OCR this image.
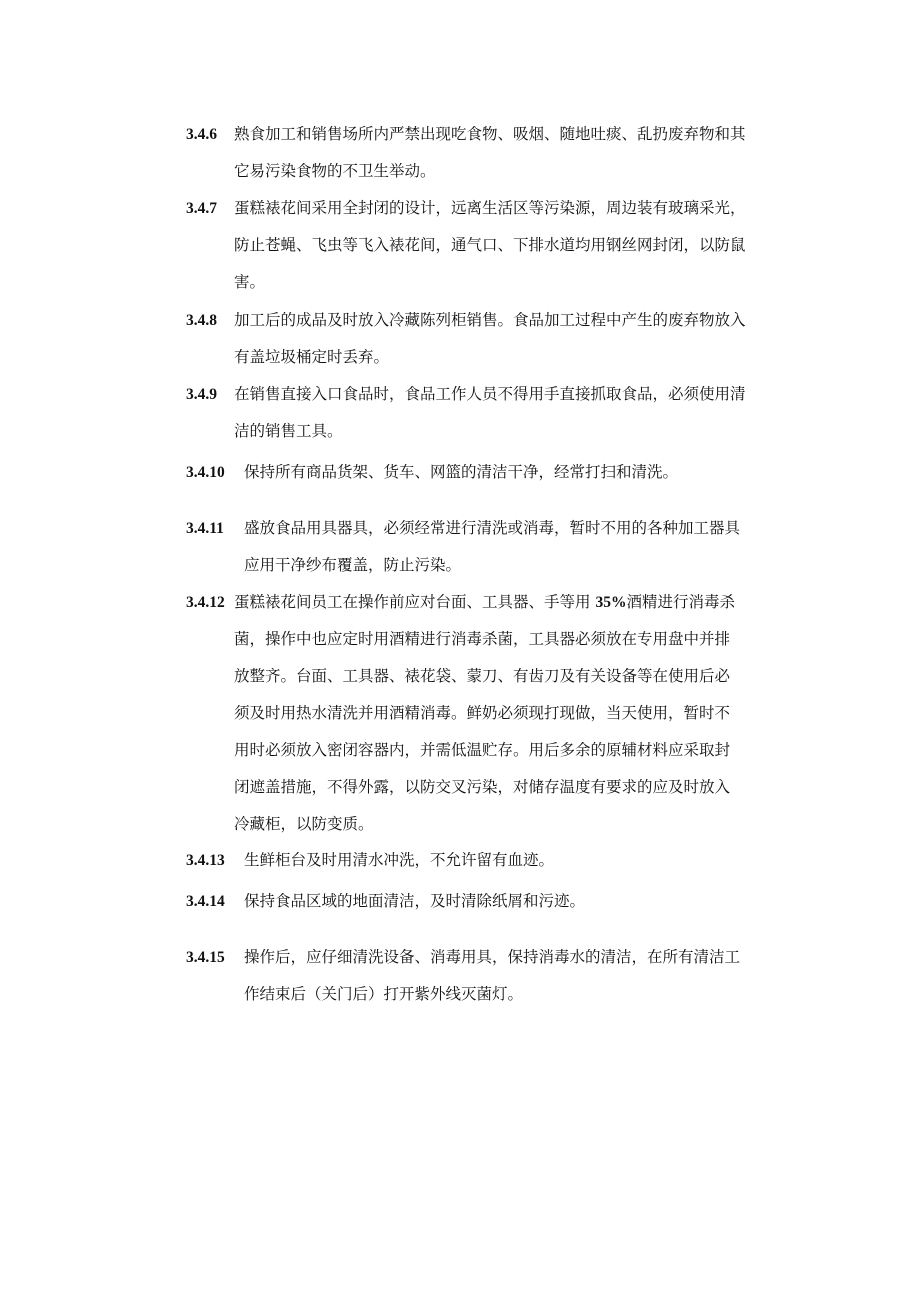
3.4.6	熟食加工和销售场所内严禁出现吃食物、吸烟、随地吐痰、乱扔废弃物和其
它易污染食物的不卫生举动。
3.4.7	蛋糕裱花间采用全封闭的设计，远离生活区等污染源，周边装有玻璃采光，
防止苍蝇、飞虫等飞入裱花间，通气口、下排水道均用钢丝网封闭，以防鼠
害。
3.4.8	加工后的成品及时放入冷藏陈列柜销售。食品加工过程中产生的废弃物放入
有盖垃圾桶定时丢弃。
3.4.9	在销售直接入口食品时，食品工作人员不得用手直接抓取食品，必须使用清
洁的销售工具。
3.4.10	保持所有商品货架、货车、网篮的清洁干净，经常打扫和清洗。
3.4.11	盛放食品用具器具，必须经常进行清洗或消毒，暂时不用的各种加工器具
应用干净纱布覆盖，防止污染。
3.4.12 蛋糕裱花间员工在操作前应对台面、工具器、手等用 35%酒精进行消毒杀
菌，操作中也应定时用酒精进行消毒杀菌，工具器必须放在专用盘中并排
放整齐。台面、工具器、裱花袋、蒙刀、有齿刀及有关设备等在使用后必
须及时用热水清洗并用酒精消毒。鲜奶必须现打现做，当天使用，暂时不
用时必须放入密闭容器内，并需低温贮存。用后多余的原辅材料应采取封
闭遮盖措施，不得外露，以防交叉污染，对储存温度有要求的应及时放入
冷藏柜，以防变质。
3.4.13	生鲜柜台及时用清水冲洗，不允许留有血迹。
3.4.14	保持食品区域的地面清洁，及时清除纸屑和污迹。
3.4.15	操作后，应仔细清洗设备、消毒用具，保持消毒水的清洁，在所有清洁工
作结束后（关门后）打开紫外线灭菌灯。
